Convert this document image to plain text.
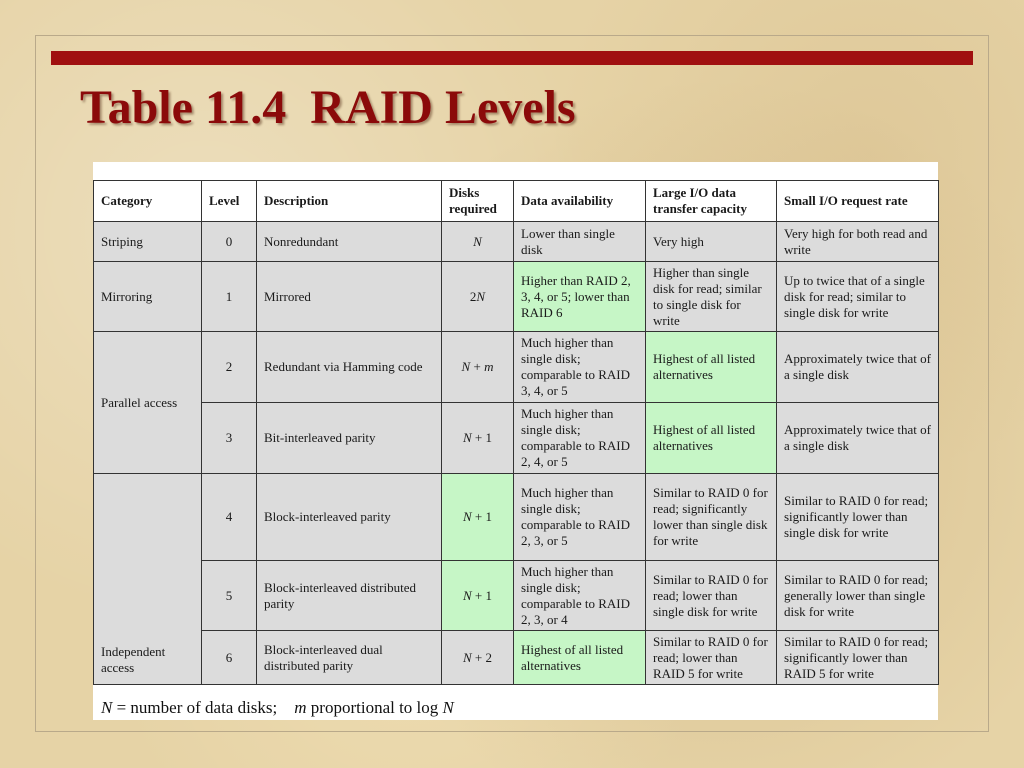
Table 11.4  RAID Levels
Category	Level	Description	Disks required	Data availability	Large I/O data transfer capacity	Small I/O request rate
Striping	0	Nonredundant	N	Lower than single disk	Very high	Very high for both read and write
Mirroring	1	Mirrored	2N	Higher than RAID 2, 3, 4, or 5; lower than RAID 6	Higher than single disk for read; similar to single disk for write	Up to twice that of a single disk for read; similar to single disk for write
Parallel access	2	Redundant via Hamming code	N + m	Much higher than single disk; comparable to RAID 3, 4, or 5	Highest of all listed alternatives	Approximately twice that of a single disk
	3	Bit-interleaved parity	N + 1	Much higher than single disk; comparable to RAID 2, 4, or 5	Highest of all listed alternatives	Approximately twice that of a single disk
Independent access	4	Block-interleaved parity	N + 1	Much higher than single disk; comparable to RAID 2, 3, or 5	Similar to RAID 0 for read; significantly lower than single disk for write	Similar to RAID 0 for read; significantly lower than single disk for write
	5	Block-interleaved distributed parity	N + 1	Much higher than single disk; comparable to RAID 2, 3, or 4	Similar to RAID 0 for read; lower than single disk for write	Similar to RAID 0 for read; generally lower than single disk for write
	6	Block-interleaved dual distributed parity	N + 2	Highest of all listed alternatives	Similar to RAID 0 for read; lower than RAID 5 for write	Similar to RAID 0 for read; significantly lower than RAID 5 for write
N = number of data disks;    m proportional to log N
